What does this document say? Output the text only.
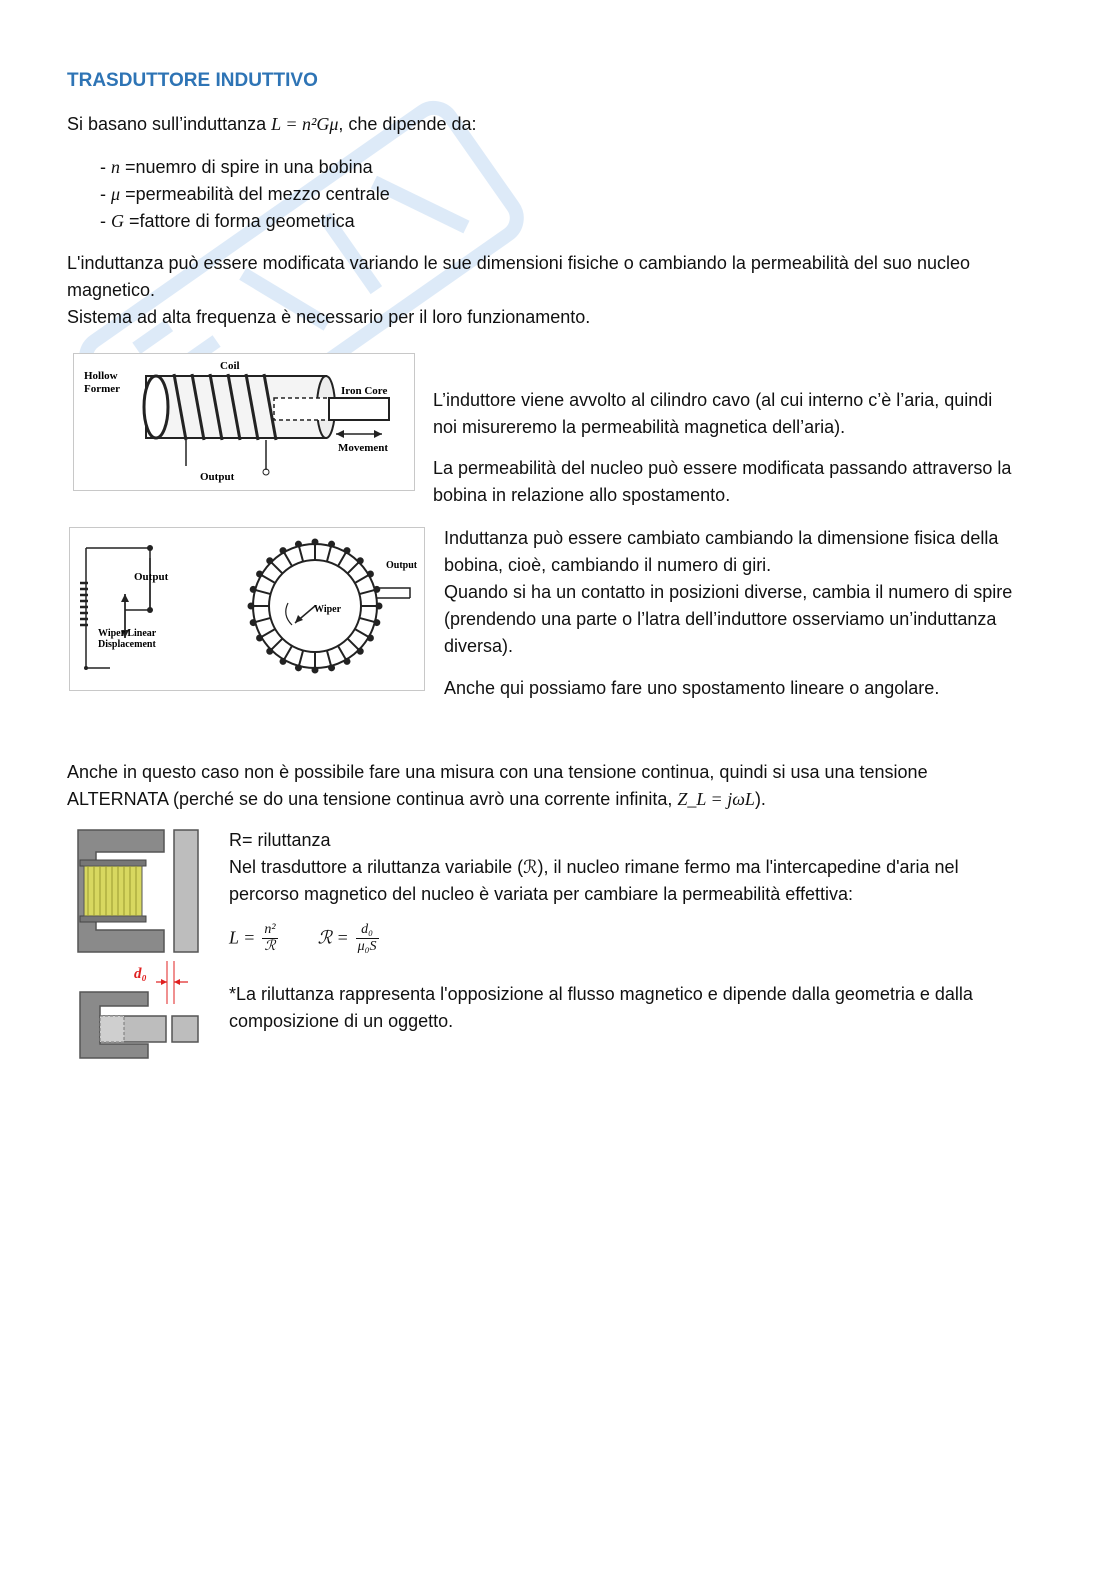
TRASDUTTORE INDUTTIVO
Si basano sull’induttanza L = n²Gμ, che dipende da:
- n =nuemro di spire in una bobina
- μ =permeabilità del mezzo centrale
- G =fattore di forma geometrica
L'induttanza può essere modificata variando le sue dimensioni fisiche o cambiando la permeabilità del suo nucleo
magnetico.
Sistema ad alta frequenza è necessario per il loro funzionamento.
Coil
Hollow
Former	Iron Core
Movement
Output
L’induttore viene avvolto al cilindro cavo (al cui interno c’è l’aria, quindi
noi misureremo la permeabilità magnetica dell’aria).
La permeabilità del nucleo può essere modificata passando attraverso la
bobina in relazione allo spostamento.
Output
Wiper Linear
Displacement
Output
Wiper
Induttanza può essere cambiato cambiando la dimensione fisica della
bobina, cioè, cambiando il numero di giri.
Quando si ha un contatto in posizioni diverse, cambia il numero di spire
(prendendo una parte o l’latra dell’induttore osserviamo un’induttanza
diversa).
Anche qui possiamo fare uno spostamento lineare o angolare.
Anche in questo caso non è possibile fare una misura con una tensione continua, quindi si usa una tensione
ALTERNATA (perché se do una tensione continua avrò una corrente infinita, Z_L = jωL).
d₀
R= riluttanza
Nel trasduttore a riluttanza variabile (ℛ), il nucleo rimane fermo ma l'intercapedine d'aria nel
percorso magnetico del nucleo è variata per cambiare la permeabilità effettiva:
$L = \frac{\text{n²}}{\text{ℛ}}$ ℛ = $\frac{\text{d₀}}{\text{μ₀S}}$
*La riluttanza rappresenta l'opposizione al flusso magnetico e dipende dalla geometria e dalla
composizione di un oggetto.
